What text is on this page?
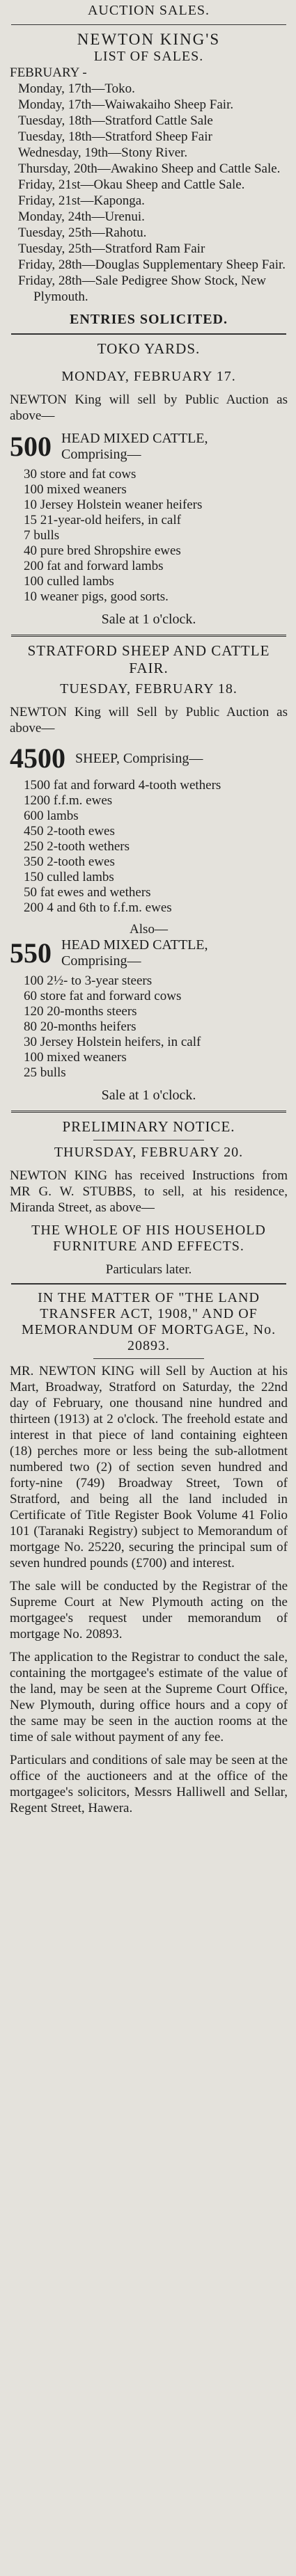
AUCTION SALES.
NEWTON KING'S
LIST OF SALES.
FEBRUARY -
Monday, 17th—Toko.
Monday, 17th—Waiwakaiho Sheep Fair.
Tuesday, 18th—Stratford Cattle Sale
Tuesday, 18th—Stratford Sheep Fair
Wednesday, 19th—Stony River.
Thursday, 20th—Awakino Sheep and Cattle Sale.
Friday, 21st—Okau Sheep and Cattle Sale.
Friday, 21st—Kaponga.
Monday, 24th—Urenui.
Tuesday, 25th—Rahotu.
Tuesday, 25th—Stratford Ram Fair
Friday, 28th—Douglas Supplementary Sheep Fair.
Friday, 28th—Sale Pedigree Show Stock, New Plymouth.
ENTRIES SOLICITED.
TOKO YARDS.
MONDAY, FEBRUARY 17.

NEWTON King will sell by Public Auction as above—

500 HEAD MIXED CATTLE, Comprising—
30 store and fat cows
100 mixed weaners
10 Jersey Holstein weaner heifers
15 21-year-old heifers, in calf
7 bulls
40 pure bred Shropshire ewes
200 fat and forward lambs
100 culled lambs
10 weaner pigs, good sorts.
Sale at 1 o'clock.
STRATFORD SHEEP AND CATTLE FAIR.
TUESDAY, FEBRUARY 18.

NEWTON King will Sell by Public Auction as above—

4500 SHEEP, Comprising—
1500 fat and forward 4-tooth wethers
1200 f.f.m. ewes
600 lambs
450 2-tooth ewes
250 2-tooth wethers
350 2-tooth ewes
150 culled lambs
50 fat ewes and wethers
200 4 and 6th to f.f.m. ewes
Also—
550 HEAD MIXED CATTLE, Comprising—
100 2½- to 3-year steers
60 store fat and forward cows
120 20-months steers
80 20-months heifers
30 Jersey Holstein heifers, in calf
100 mixed weaners
25 bulls
Sale at 1 o'clock.
PRELIMINARY NOTICE.
THURSDAY, FEBRUARY 20.

NEWTON KING has received Instructions from MR G. W. STUBBS, to sell, at his residence, Miranda Street, as above—

THE WHOLE OF HIS HOUSEHOLD FURNITURE AND EFFECTS.
Particulars later.
IN THE MATTER OF "THE LAND TRANSFER ACT, 1908," AND OF MEMORANDUM OF MORTGAGE, No. 20893.

MR. NEWTON KING will Sell by Auction at his Mart, Broadway, Stratford on Saturday, the 22nd day of February, one thousand nine hundred and thirteen (1913) at 2 o'clock. The freehold estate and interest in that piece of land containing eighteen (18) perches more or less being the sub-allotment numbered two (2) of section seven hundred and forty-nine (749) Broadway Street, Town of Stratford, and being all the land included in Certificate of Title Register Book Volume 41 Folio 101 (Taranaki Registry) subject to Memorandum of mortgage No. 25220, securing the principal sum of seven hundred pounds (£700) and interest.

The sale will be conducted by the Registrar of the Supreme Court at New Plymouth acting on the mortgagee's request under memorandum of mortgage No. 20893.

The application to the Registrar to conduct the sale, containing the mortgagee's estimate of the value of the land, may be seen at the Supreme Court Office, New Plymouth, during office hours and a copy of the same may be seen in the auction rooms at the time of sale without payment of any fee.

Particulars and conditions of sale may be seen at the office of the auctioneers and at the office of the mortgagee's solicitors, Messrs Halliwell and Sellar, Regent Street, Hawera.
